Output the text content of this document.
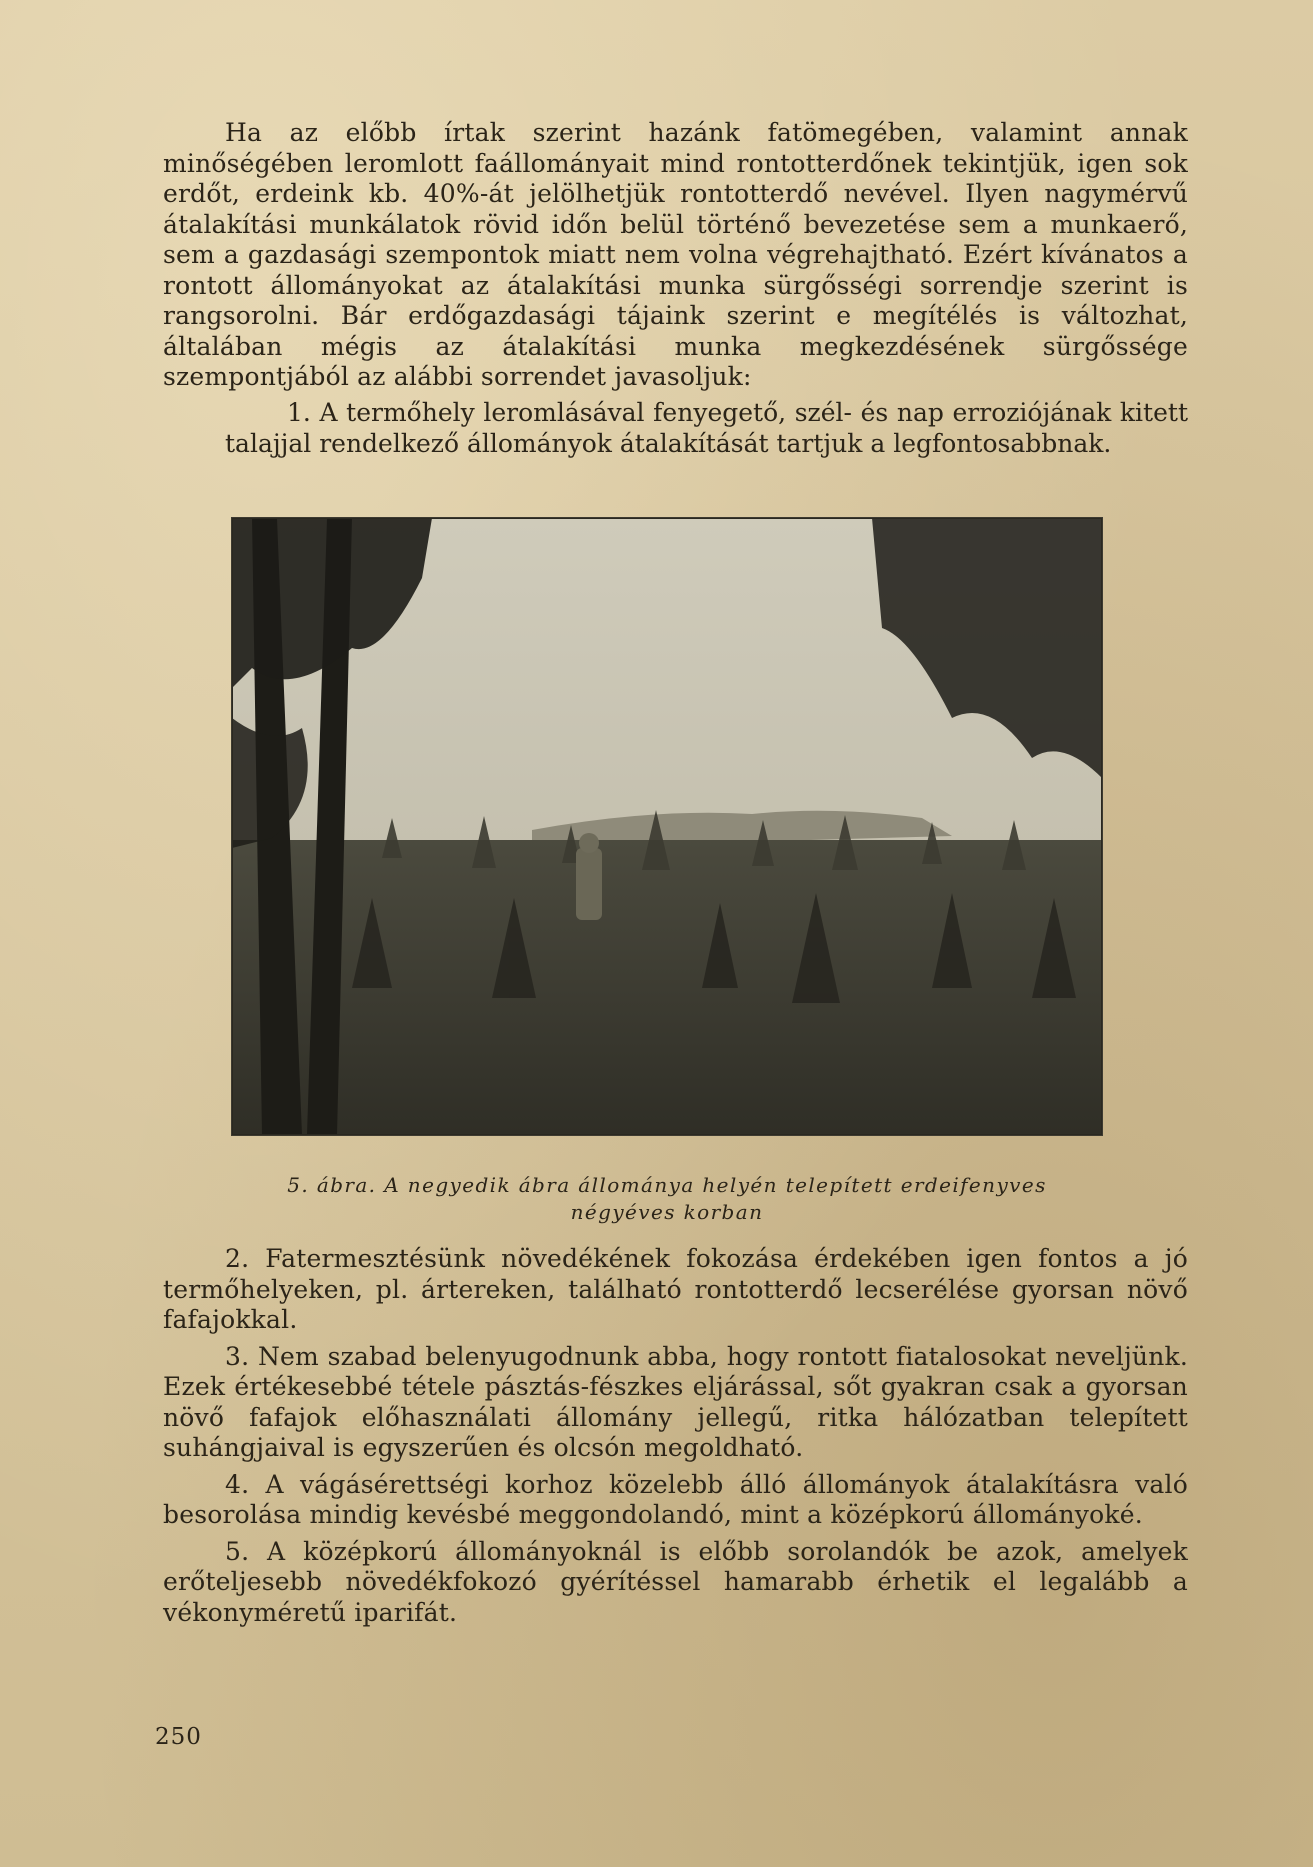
Ha az előbb írtak szerint hazánk fatömegében, valamint annak minőségében leromlott faállományait mind rontotterdőnek tekintjük, igen sok erdőt, erdeink kb. 40%-át jelölhetjük rontotterdő nevével. Ilyen nagymérvű átalakítási munkálatok rövid időn belül történő bevezetése sem a munkaerő, sem a gazdasági szempontok miatt nem volna végrehajtható. Ezért kívánatos a rontott állományokat az átalakítási munka sürgősségi sorrendje szerint is rangsorolni. Bár erdőgazdasági tájaink szerint e megítélés is változhat, általában mégis az átalakítási munka megkezdésének sürgőssége szempontjából az alábbi sorrendet javasoljuk:

1. A termőhely leromlásával fenyegető, szél- és nap erroziójának kitett talajjal rendelkező állományok átalakítását tartjuk a legfontosabbnak.

5. ábra. A negyedik ábra állománya helyén telepített erdeifenyves
négyéves korban

2. Fatermesztésünk növedékének fokozása érdekében igen fontos a jó termőhelyeken, pl. ártereken, található rontotterdő lecserélése gyorsan növő fafajokkal.

3. Nem szabad belenyugodnunk abba, hogy rontott fiatalosokat neveljünk. Ezek értékesebbé tétele pásztás-fészkes eljárással, sőt gyakran csak a gyorsan növő fafajok előhasználati állomány jellegű, ritka hálózatban telepített suhángjaival is egyszerűen és olcsón megoldható.

4. A vágásérettségi korhoz közelebb álló állományok átalakításra való besorolása mindig kevésbé meggondolandó, mint a középkorú állományoké.

5. A középkorú állományoknál is előbb sorolandók be azok, amelyek erőteljesebb növedékfokozó gyérítéssel hamarabb érhetik el legalább a vékonyméretű iparifát.

250
